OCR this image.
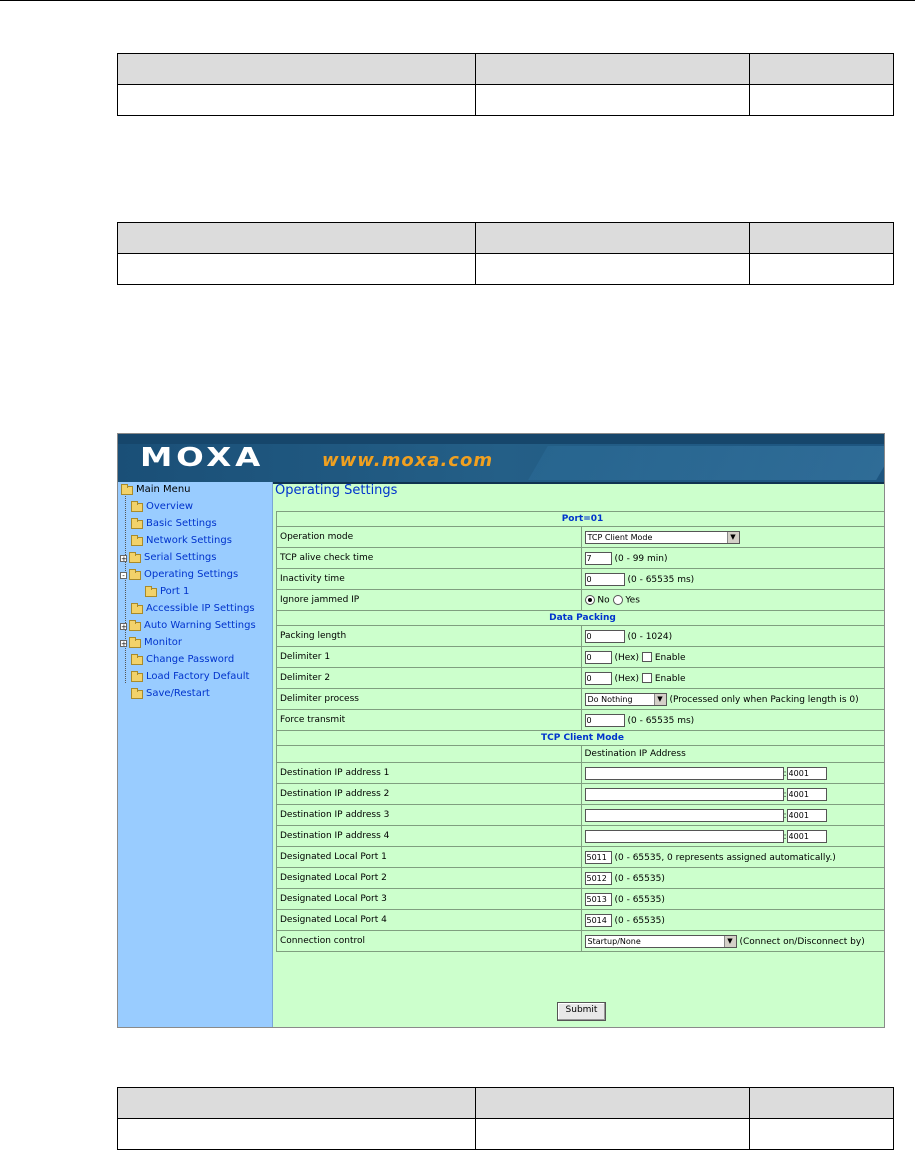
MOXA	www.moxa.com
Main Menu
Overview
Basic Settings
Network Settings
+ Serial Settings
- Operating Settings
Port 1
Accessible IP Settings
+ Auto Warning Settings
+ Monitor
Change Password
Load Factory Default
Save/Restart
Operating Settings
Port=01	
Operation mode	TCP Client Mode ▼

TCP alive check time	7(0 - 99 min)
Inactivity time	0(0 - 65535 ms)
Ignore jammed IP	No Yes
Data Packing	
Packing length	0(0 - 1024)
Delimiter 1	0(Hex) Enable
Delimiter 2	0(Hex) Enable
Delimiter process	Do Nothing ▼ (Processed only when Packing length is 0)
Force transmit	0(0 - 65535 ms)
TCP Client Mode	
	Destination IP Address
Destination IP address 1	:4001
Destination IP address 2	:4001
Destination IP address 3	:4001
Destination IP address 4	:4001
Designated Local Port 1	5011(0 - 65535, 0 represents assigned automatically.)
Designated Local Port 2	5012(0 - 65535)
Designated Local Port 3	5013(0 - 65535)
Designated Local Port 4	5014(0 - 65535)
Connection control	Startup/None ▼ (Connect on/Disconnect by)
Submit
